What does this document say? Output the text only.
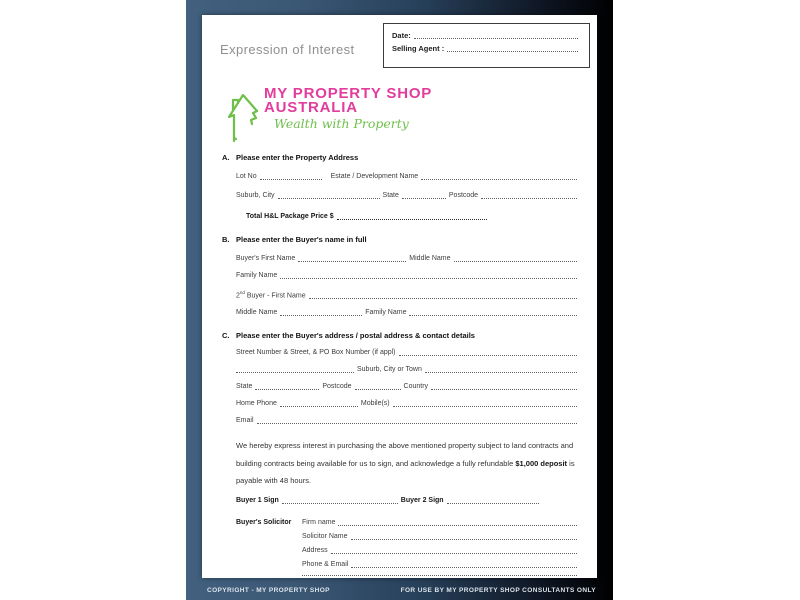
Expression of Interest
Date:
Selling Agent :
MY PROPERTY SHOP
AUSTRALIA
Wealth with Property
A. Please enter the Property Address
Lot No	Estate / Development Name
Suburb, City	State	Postcode
Total H&L Package Price $
B. Please enter the Buyer's name in full
Buyer's First Name	Middle Name
Family Name
2nd Buyer - First Name
Middle Name	Family Name
C. Please enter the Buyer's address / postal address & contact details
Street Number & Street, & PO Box Number (if appl)
Suburb, City or Town
State	Postcode	Country
Home Phone	Mobile(s)
Email
We hereby express interest in purchasing the above mentioned property subject to land contracts and building contracts being available for us to sign, and acknowledge a fully refundable $1,000 deposit is payable with 48 hours.
Buyer 1 Sign	Buyer 2 Sign
Buyer's Solicitor	Firm name
Solicitor Name
Address
Phone & Email
COPYRIGHT - MY PROPERTY SHOP	FOR USE BY MY PROPERTY SHOP CONSULTANTS ONLY
